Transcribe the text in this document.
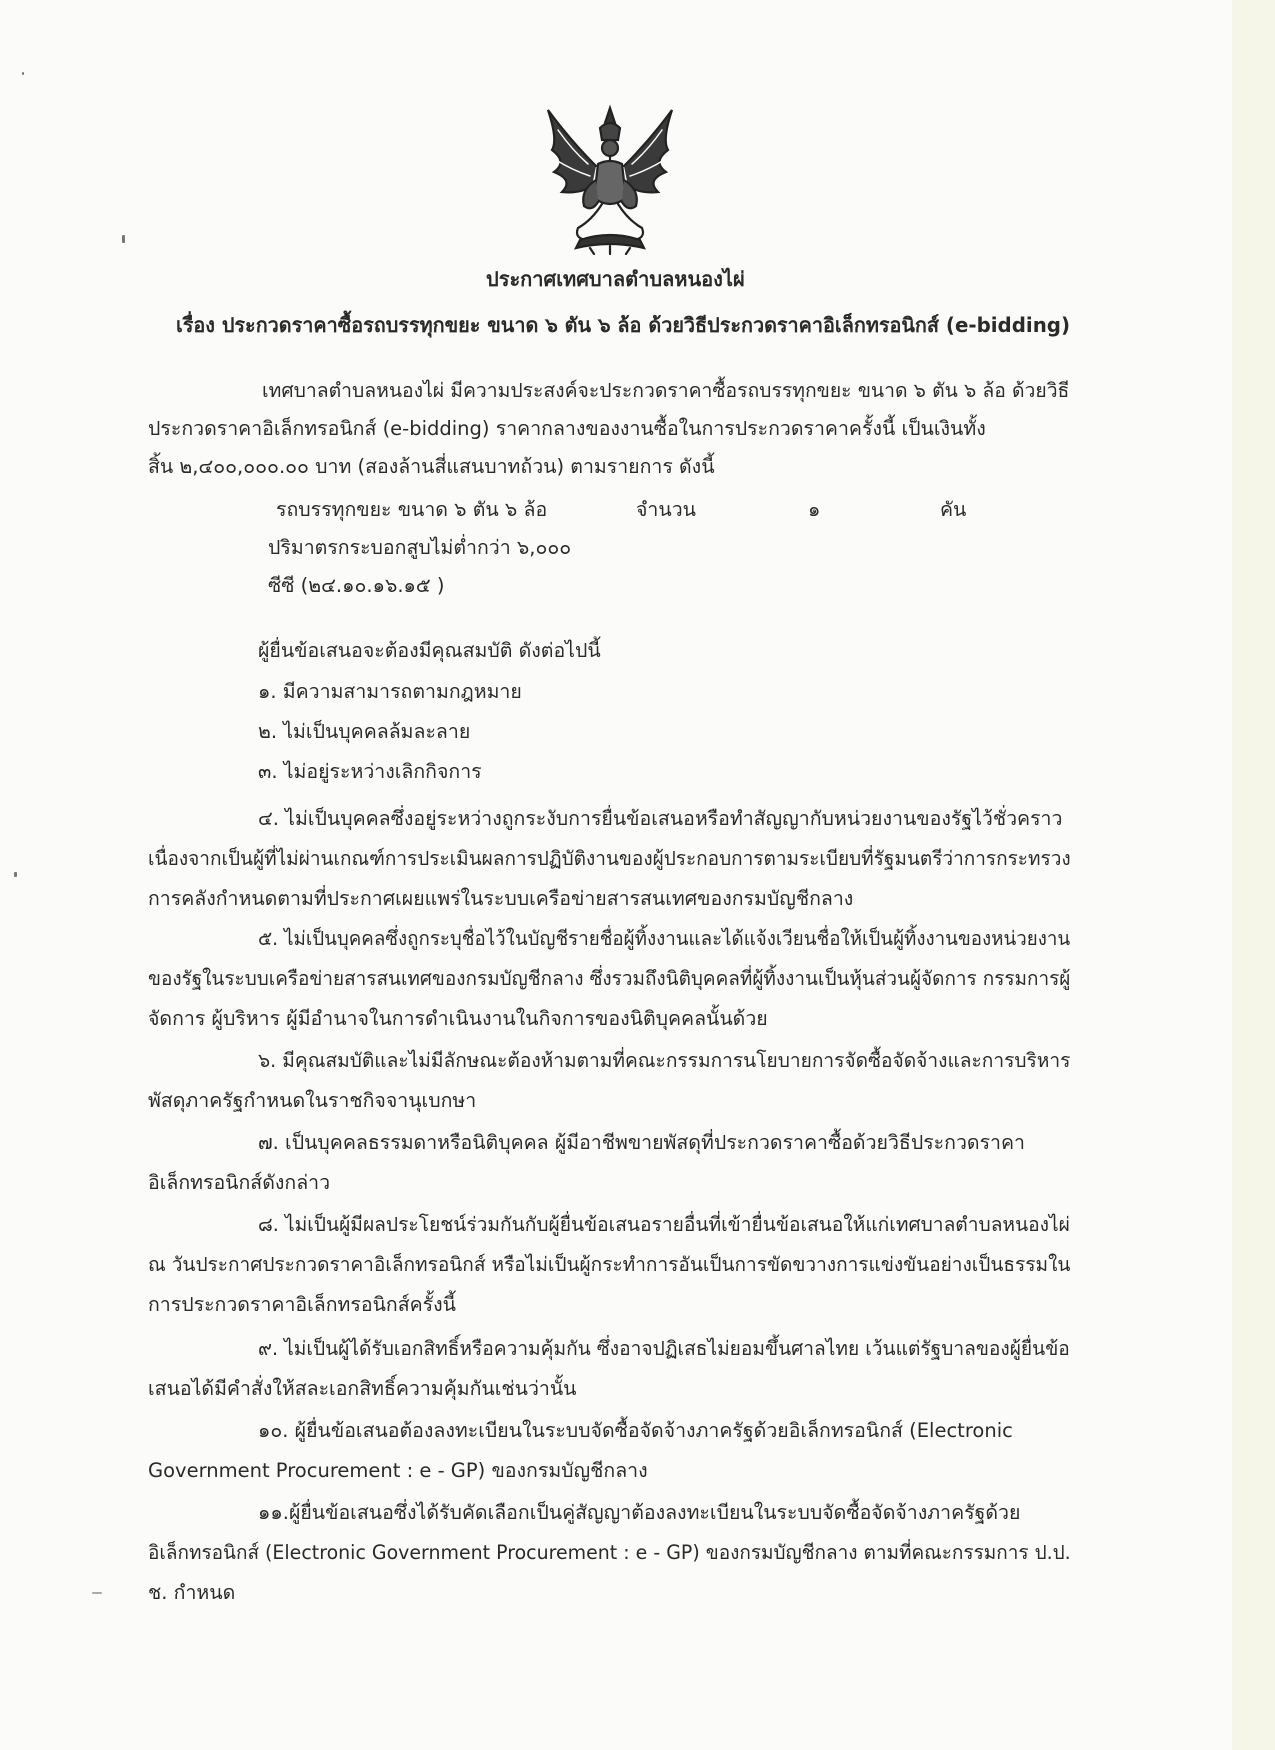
ประกาศเทศบาลตำบลหนองไผ่
เรื่อง ประกวดราคาซื้อรถบรรทุกขยะ ขนาด ๖ ตัน ๖ ล้อ ด้วยวิธีประกวดราคาอิเล็กทรอนิกส์ (e-bidding)
เทศบาลตำบลหนองไผ่ มีความประสงค์จะประกวดราคาซื้อรถบรรทุกขยะ ขนาด ๖ ตัน ๖ ล้อ ด้วยวิธี
ประกวดราคาอิเล็กทรอนิกส์ (e-bidding) ราคากลางของงานซื้อในการประกวดราคาครั้งนี้ เป็นเงินทั้ง
สิ้น ๒,๔๐๐,๐๐๐.๐๐ บาท (สองล้านสี่แสนบาทถ้วน) ตามรายการ ดังนี้
รถบรรทุกขยะ ขนาด ๖ ตัน ๖ ล้อ	จำนวน	๑	คัน
ปริมาตรกระบอกสูบไม่ต่ำกว่า ๖,๐๐๐
ซีซี (๒๔.๑๐.๑๖.๑๕ )
ผู้ยื่นข้อเสนอจะต้องมีคุณสมบัติ ดังต่อไปนี้
๑. มีความสามารถตามกฎหมาย
๒. ไม่เป็นบุคคลล้มละลาย
๓. ไม่อยู่ระหว่างเลิกกิจการ
๔. ไม่เป็นบุคคลซึ่งอยู่ระหว่างถูกระงับการยื่นข้อเสนอหรือทำสัญญากับหน่วยงานของรัฐไว้ชั่วคราว
เนื่องจากเป็นผู้ที่ไม่ผ่านเกณฑ์การประเมินผลการปฏิบัติงานของผู้ประกอบการตามระเบียบที่รัฐมนตรีว่าการกระทรวง
การคลังกำหนดตามที่ประกาศเผยแพร่ในระบบเครือข่ายสารสนเทศของกรมบัญชีกลาง
๕. ไม่เป็นบุคคลซึ่งถูกระบุชื่อไว้ในบัญชีรายชื่อผู้ทิ้งงานและได้แจ้งเวียนชื่อให้เป็นผู้ทิ้งงานของหน่วยงาน
ของรัฐในระบบเครือข่ายสารสนเทศของกรมบัญชีกลาง ซึ่งรวมถึงนิติบุคคลที่ผู้ทิ้งงานเป็นหุ้นส่วนผู้จัดการ กรรมการผู้
จัดการ ผู้บริหาร ผู้มีอำนาจในการดำเนินงานในกิจการของนิติบุคคลนั้นด้วย
๖. มีคุณสมบัติและไม่มีลักษณะต้องห้ามตามที่คณะกรรมการนโยบายการจัดซื้อจัดจ้างและการบริหาร
พัสดุภาครัฐกำหนดในราชกิจจานุเบกษา
๗. เป็นบุคคลธรรมดาหรือนิติบุคคล ผู้มีอาชีพขายพัสดุที่ประกวดราคาซื้อด้วยวิธีประกวดราคา
อิเล็กทรอนิกส์ดังกล่าว
๘. ไม่เป็นผู้มีผลประโยชน์ร่วมกันกับผู้ยื่นข้อเสนอรายอื่นที่เข้ายื่นข้อเสนอให้แก่เทศบาลตำบลหนองไผ่
ณ วันประกาศประกวดราคาอิเล็กทรอนิกส์ หรือไม่เป็นผู้กระทำการอันเป็นการขัดขวางการแข่งขันอย่างเป็นธรรมใน
การประกวดราคาอิเล็กทรอนิกส์ครั้งนี้
๙. ไม่เป็นผู้ได้รับเอกสิทธิ์หรือความคุ้มกัน ซึ่งอาจปฏิเสธไม่ยอมขึ้นศาลไทย เว้นแต่รัฐบาลของผู้ยื่นข้อ
เสนอได้มีคำสั่งให้สละเอกสิทธิ์ความคุ้มกันเช่นว่านั้น
๑๐. ผู้ยื่นข้อเสนอต้องลงทะเบียนในระบบจัดซื้อจัดจ้างภาครัฐด้วยอิเล็กทรอนิกส์ (Electronic
Government Procurement : e - GP) ของกรมบัญชีกลาง
๑๑.ผู้ยื่นข้อเสนอซึ่งได้รับคัดเลือกเป็นคู่สัญญาต้องลงทะเบียนในระบบจัดซื้อจัดจ้างภาครัฐด้วย
อิเล็กทรอนิกส์ (Electronic Government Procurement : e - GP) ของกรมบัญชีกลาง ตามที่คณะกรรมการ ป.ป.
ช. กำหนด
